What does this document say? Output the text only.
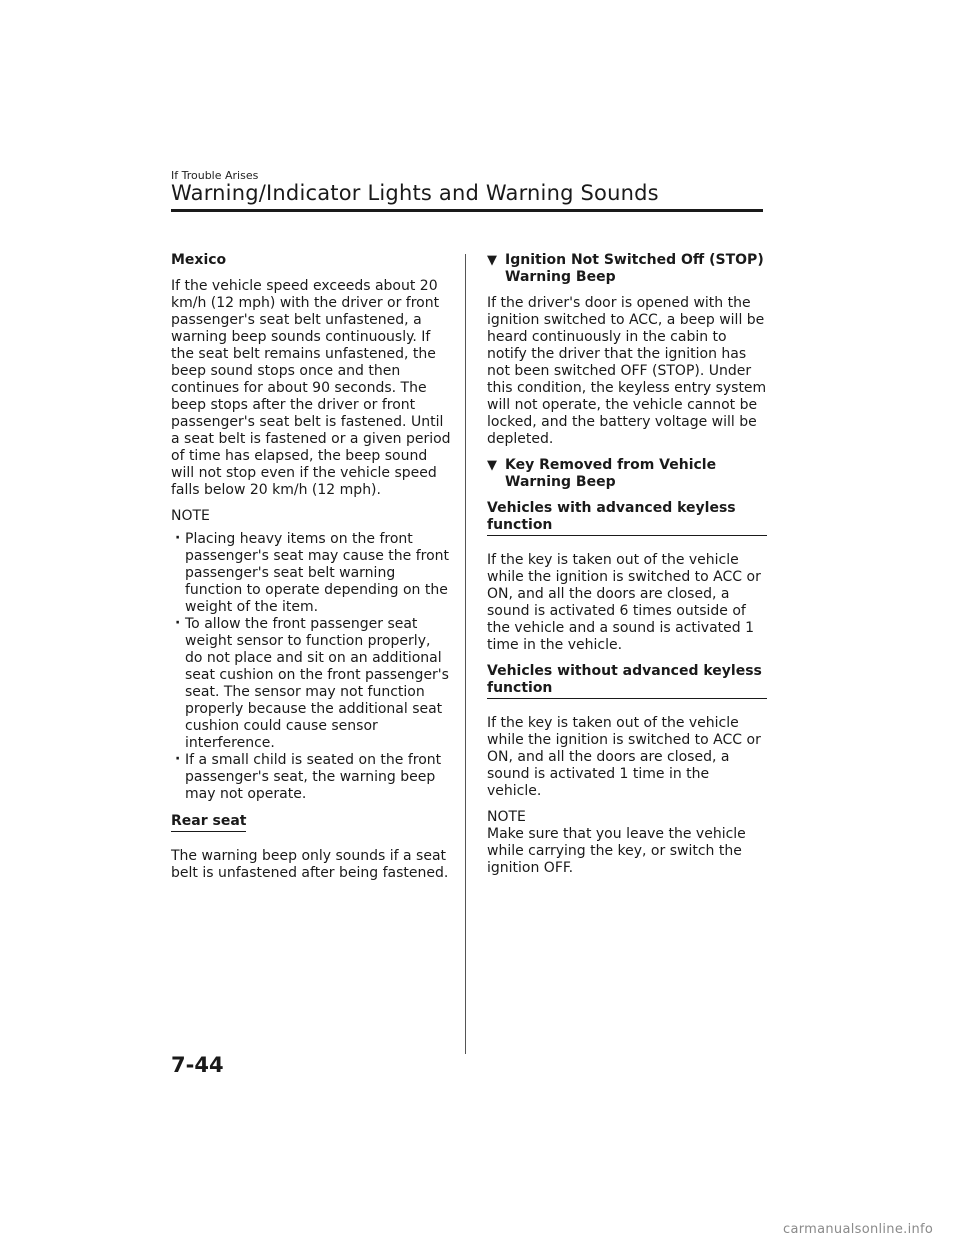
If Trouble Arises
Warning/Indicator Lights and Warning Sounds
Mexico

If the vehicle speed exceeds about 20 km/h (12 mph) with the driver or front passenger's seat belt unfastened, a warning beep sounds continuously. If the seat belt remains unfastened, the beep sound stops once and then continues for about 90 seconds. The beep stops after the driver or front passenger's seat belt is fastened. Until a seat belt is fastened or a given period of time has elapsed, the beep sound will not stop even if the vehicle speed falls below 20 km/h (12 mph).

NOTE
· Placing heavy items on the front passenger's seat may cause the front passenger's seat belt warning function to operate depending on the weight of the item.
· To allow the front passenger seat weight sensor to function properly, do not place and sit on an additional seat cushion on the front passenger's seat. The sensor may not function properly because the additional seat cushion could cause sensor interference.
· If a small child is seated on the front passenger's seat, the warning beep may not operate.
Rear seat

The warning beep only sounds if a seat belt is unfastened after being fastened.

▼ Ignition Not Switched Off (STOP) Warning Beep

If the driver's door is opened with the ignition switched to ACC, a beep will be heard continuously in the cabin to notify the driver that the ignition has not been switched OFF (STOP). Under this condition, the keyless entry system will not operate, the vehicle cannot be locked, and the battery voltage will be depleted.

▼ Key Removed from Vehicle Warning Beep
Vehicles with advanced keyless function

If the key is taken out of the vehicle while the ignition is switched to ACC or ON, and all the doors are closed, a sound is activated 6 times outside of the vehicle and a sound is activated 1 time in the vehicle.

Vehicles without advanced keyless function

If the key is taken out of the vehicle while the ignition is switched to ACC or ON, and all the doors are closed, a sound is activated 1 time in the vehicle.

NOTE

Make sure that you leave the vehicle while carrying the key, or switch the ignition OFF.

7-44
carmanualsonline.info
